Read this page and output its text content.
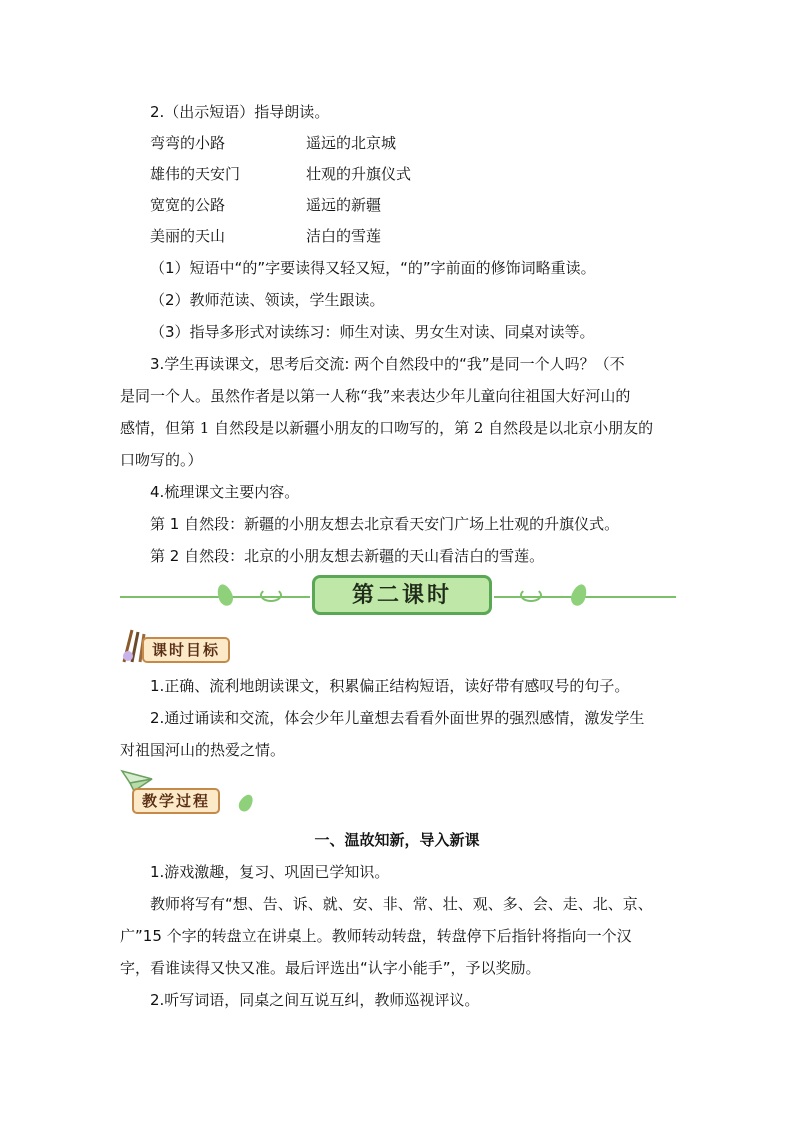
2.（出示短语）指导朗读。
弯弯的小路	遥远的北京城
雄伟的天安门	壮观的升旗仪式
宽宽的公路	遥远的新疆
美丽的天山	洁白的雪莲
（1）短语中“的”字要读得又轻又短，“的”字前面的修饰词略重读。
（2）教师范读、领读，学生跟读。
（3）指导多形式对读练习：师生对读、男女生对读、同桌对读等。
3.学生再读课文，思考后交流: 两个自然段中的“我”是同一个人吗？（不
是同一个人。虽然作者是以第一人称“我”来表达少年儿童向往祖国大好河山的
感情，但第 1 自然段是以新疆小朋友的口吻写的，第 2 自然段是以北京小朋友的
口吻写的。）
4.梳理课文主要内容。
第 1 自然段：新疆的小朋友想去北京看天安门广场上壮观的升旗仪式。
第 2 自然段：北京的小朋友想去新疆的天山看洁白的雪莲。
第二课时
课时目标
1.正确、流利地朗读课文，积累偏正结构短语，读好带有感叹号的句子。
2.通过诵读和交流，体会少年儿童想去看看外面世界的强烈感情，激发学生
对祖国河山的热爱之情。
教学过程
一、温故知新，导入新课
1.游戏激趣，复习、巩固已学知识。
教师将写有“想、告、诉、就、安、非、常、壮、观、多、会、走、北、京、
广”15 个字的转盘立在讲桌上。教师转动转盘，转盘停下后指针将指向一个汉
字，看谁读得又快又准。最后评选出“认字小能手”，予以奖励。
2.听写词语，同桌之间互说互纠，教师巡视评议。
